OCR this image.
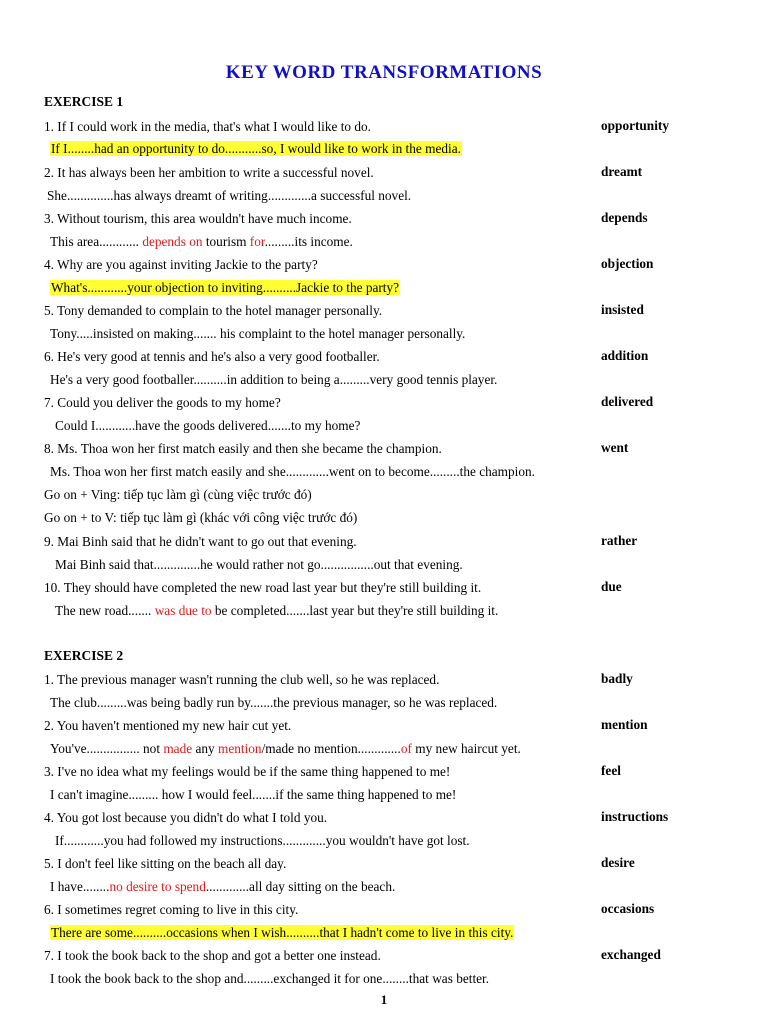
KEY WORD TRANSFORMATIONS
EXERCISE 1
1. If I could work in the media, that's what I would like to do.	opportunity
If I........had an opportunity to do...........so, I would like to work in the media.
2. It has always been her ambition to write a successful novel.	dreamt
She..............has always dreamt of writing.............a successful novel.
3. Without tourism, this area wouldn't have much income.	depends
This area............ depends on tourism for.........its income.
4. Why are you against inviting Jackie to the party?	objection
What's............your objection to inviting..........Jackie to the party?
5. Tony demanded to complain to the hotel manager personally.	insisted
Tony.....insisted on making....... his complaint to the hotel manager personally.
6. He's very good at tennis and he's also a very good footballer.	addition
He's a very good footballer..........in addition to being a.........very good tennis player.
7. Could you deliver the goods to my home?	delivered
Could I............have the goods delivered.......to my home?
8. Ms. Thoa won her first match easily and then she became the champion.	went
Ms. Thoa won her first match easily and she.............went on to become.........the champion.
Go on + Ving: tiếp tục làm gì (cùng việc trước đó)
Go on + to V: tiếp tục làm gì (khác với công việc trước đó)
9. Mai Binh said that he didn't want to go out that evening.	rather
Mai Binh said that..............he would rather not go................out that evening.
10. They should have completed the new road last year but they're still building it.	due
The new road....... was due to be completed.......last year but they're still building it.
EXERCISE 2
1. The previous manager wasn't running the club well, so he was replaced.	badly
The club.........was being badly run by.......the previous manager, so he was replaced.
2. You haven't mentioned my new hair cut yet.	mention
You've................ not made any mention/made no mention.............of my new haircut yet.
3. I've no idea what my feelings would be if the same thing happened to me!	feel
I can't imagine......... how I would feel.......if the same thing happened to me!
4. You got lost because you didn't do what I told you.	instructions
If............you had followed my instructions.............you wouldn't have got lost.
5. I don't feel like sitting on the beach all day.	desire
I have........no desire to spend.............all day sitting on the beach.
6. I sometimes regret coming to live in this city.	occasions
There are some..........occasions when I wish..........that I hadn't come to live in this city.
7. I took the book back to the shop and got a better one instead.	exchanged
I took the book back to the shop and.........exchanged it for one........that was better.
1
